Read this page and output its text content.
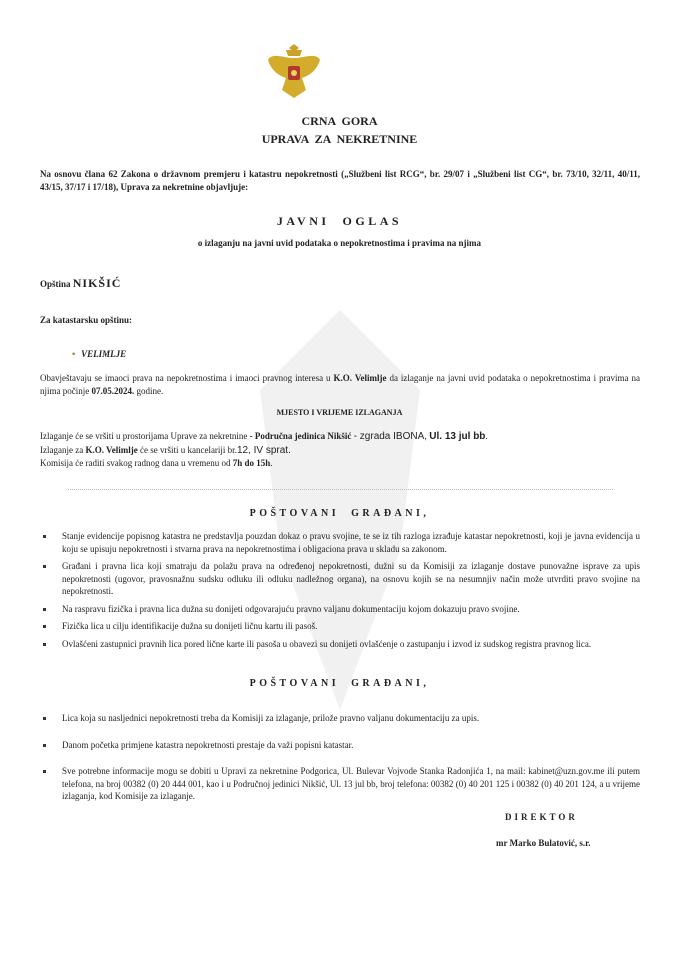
CRNA  GORA
UPRAVA  ZA  NEKRETNINE
Na osnovu člana 62 Zakona o državnom premjeru i katastru nepokretnosti („Službeni list RCG“, br. 29/07 i „Službeni list CG“, br. 73/10, 32/11, 40/11, 43/15, 37/17 i 17/18), Uprava za nekretnine objavljuje:
JAVNI  OGLAS
o izlaganju na javni uvid podataka o nepokretnostima i pravima na njima
Opština NIKŠIĆ
Za katastarsku opštinu:
• VELIMLJE
Obavještavaju se imaoci prava na nepokretnostima i imaoci pravnog interesa u K.O. Velimlje da izlaganje na javni uvid podataka o nepokretnostima i pravima na njima počinje 07.05.2024. godine.
MJESTO I VRIJEME IZLAGANJA
Izlaganje će se vršiti u prostorijama Uprave za nekretnine - Područna jedinica Nikšić - zgrada IBONA, Ul. 13 jul bb.
Izlaganje za K.O. Velimlje će se vršiti u kancelariji br.12, IV sprat.
Komisija će raditi svakog radnog dana u vremenu od 7h do 15h.
POŠTOVANI  GRAĐANI,
Stanje evidencije popisnog katastra ne predstavlja pouzdan dokaz o pravu svojine, te se iz tih razloga izrađuje katastar nepokretnosti, koji je javna evidencija u koju se upisuju nepokretnosti i stvarna prava na nepokretnostima i obligaciona prava u skladu sa zakonom.
Građani i pravna lica koji smatraju da polažu prava na određenoj nepokretnosti, dužni su da Komisiji za izlaganje dostave punovažne isprave za upis nepokretnosti (ugovor, pravosnažnu sudsku odluku ili odluku nadležnog organa), na osnovu kojih se na nesumnjiv način može utvrditi pravo svojine na nepokretnosti.
Na raspravu fizička i pravna lica dužna su donijeti odgovarajuću pravno valjanu dokumentaciju kojom dokazuju pravo svojine.
Fizička lica u cilju identifikacije dužna su donijeti ličnu kartu ili pasoš.
Ovlašćeni zastupnici pravnih lica pored lične karte ili pasoša u obavezi su donijeti ovlašćenje o zastupanju i izvod iz sudskog registra pravnog lica.
POŠTOVANI  GRAĐANI,
Lica koja su nasljednici nepokretnosti treba da Komisiji za izlaganje, prilože pravno valjanu dokumentaciju za upis.
Danom početka primjene katastra nepokretnosti prestaje da važi popisni katastar.
Sve potrebne informacije mogu se dobiti u Upravi za nekretnine Podgorica, Ul. Bulevar Vojvode Stanka Radonjića 1, na mail: kabinet@uzn.gov.me ili putem telefona, na broj 00382 (0) 20 444 001, kao i u Područnoj jedinici Nikšić, Ul. 13 jul bb, broj telefona: 00382 (0) 40 201 125 i 00382 (0) 40 201 124, a u vrijeme izlaganja, kod Komisije za izlaganje.
DIREKTOR
mr Marko Bulatović, s.r.
